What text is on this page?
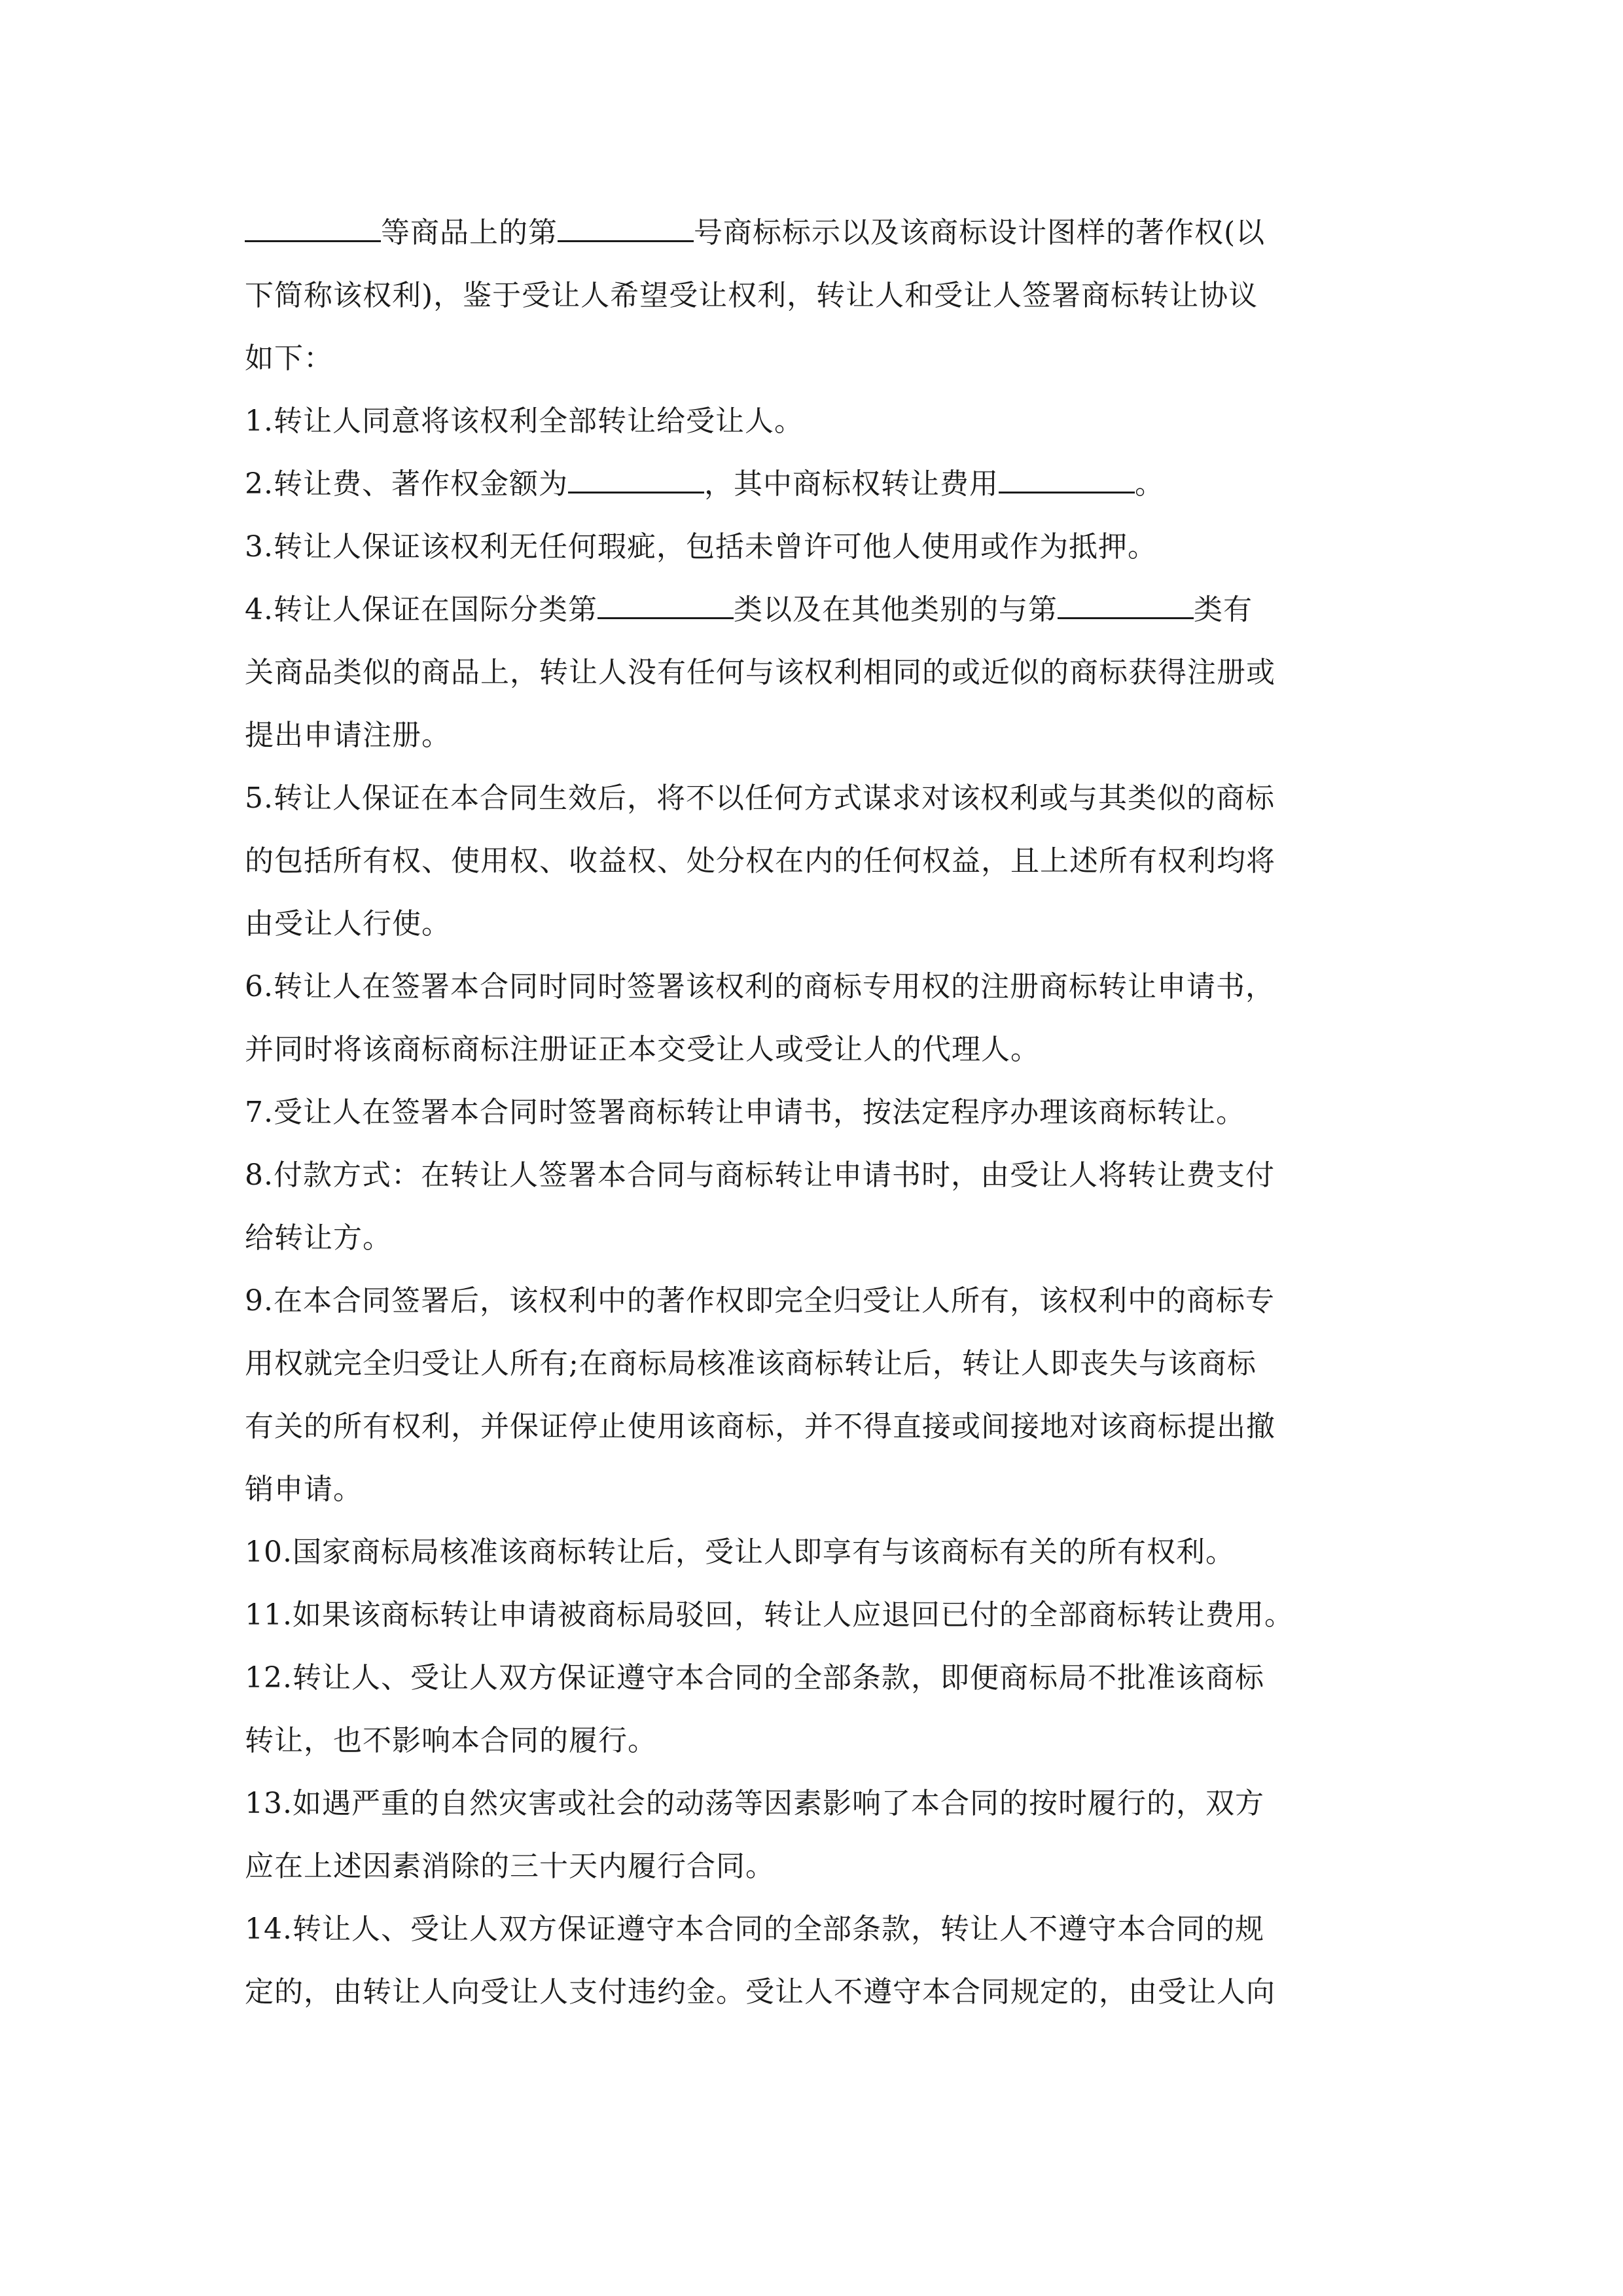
等商品上的第	号商标标示以及该商标设计图样的著作权(以
下简称该权利)，鉴于受让人希望受让权利，转让人和受让人签署商标转让协议
如下：
1.转让人同意将该权利全部转让给受让人。
2.转让费、著作权金额为	，其中商标权转让费用	。
3.转让人保证该权利无任何瑕疵，包括未曾许可他人使用或作为抵押。
4.转让人保证在国际分类第	类以及在其他类别的与第	类有
关商品类似的商品上，转让人没有任何与该权利相同的或近似的商标获得注册或
提出申请注册。
5.转让人保证在本合同生效后，将不以任何方式谋求对该权利或与其类似的商标
的包括所有权、使用权、收益权、处分权在内的任何权益，且上述所有权利均将
由受让人行使。
6.转让人在签署本合同时同时签署该权利的商标专用权的注册商标转让申请书，
并同时将该商标商标注册证正本交受让人或受让人的代理人。
7.受让人在签署本合同时签署商标转让申请书，按法定程序办理该商标转让。
8.付款方式：在转让人签署本合同与商标转让申请书时，由受让人将转让费支付
给转让方。
9.在本合同签署后，该权利中的著作权即完全归受让人所有，该权利中的商标专
用权就完全归受让人所有;在商标局核准该商标转让后，转让人即丧失与该商标
有关的所有权利，并保证停止使用该商标，并不得直接或间接地对该商标提出撤
销申请。
10.国家商标局核准该商标转让后，受让人即享有与该商标有关的所有权利。
11.如果该商标转让申请被商标局驳回，转让人应退回已付的全部商标转让费用。
12.转让人、受让人双方保证遵守本合同的全部条款，即便商标局不批准该商标
转让，也不影响本合同的履行。
13.如遇严重的自然灾害或社会的动荡等因素影响了本合同的按时履行的，双方
应在上述因素消除的三十天内履行合同。
14.转让人、受让人双方保证遵守本合同的全部条款，转让人不遵守本合同的规
定的，由转让人向受让人支付违约金。受让人不遵守本合同规定的，由受让人向
